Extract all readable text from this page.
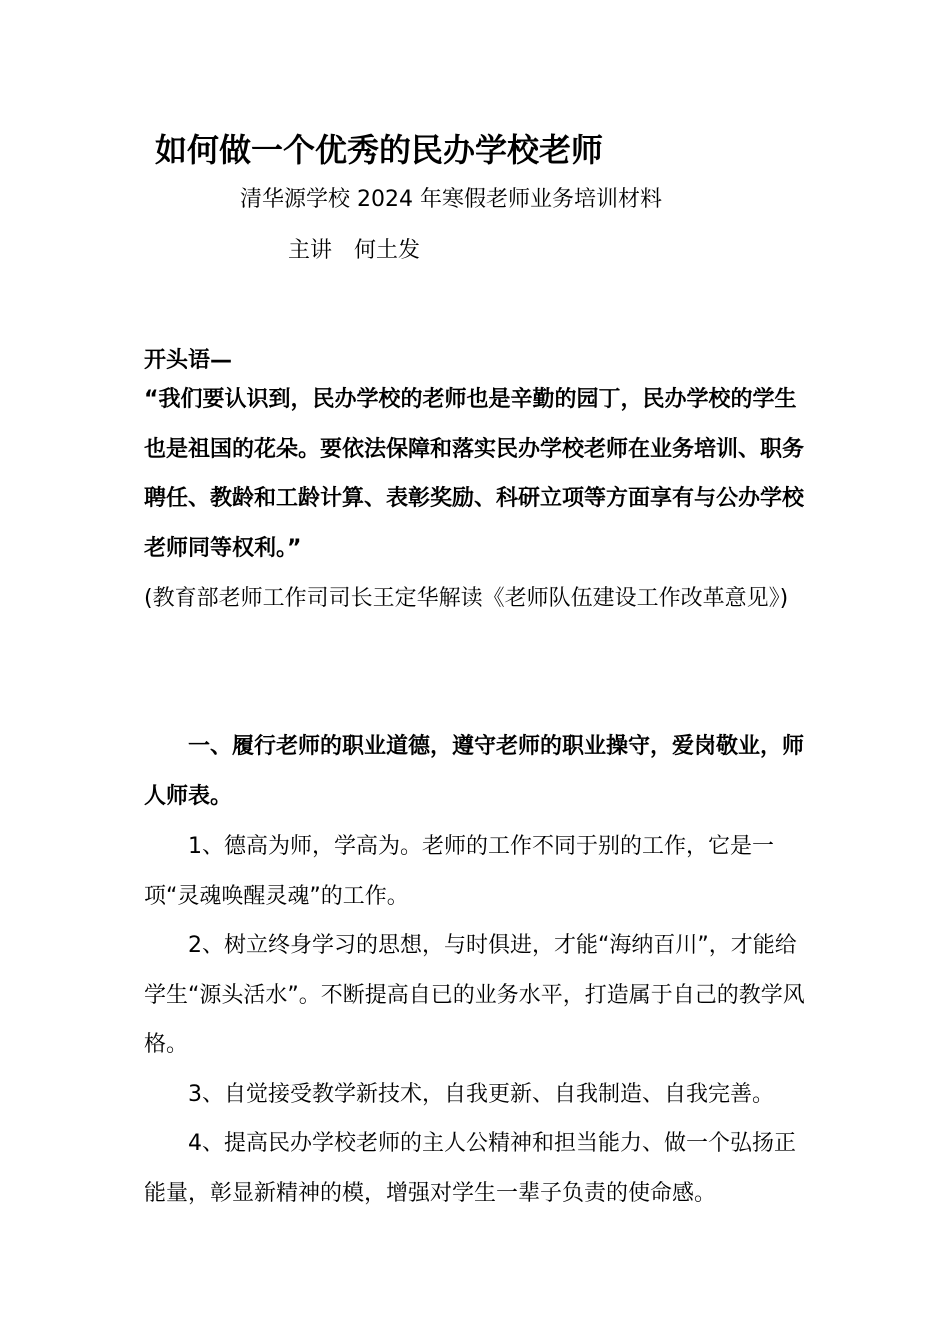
如何做一个优秀的民办学校老师
清华源学校 2024 年寒假老师业务培训材料
主讲 何土发
开头语—
“我们要认识到，民办学校的老师也是辛勤的园丁，民办学校的学生也是祖国的花朵。要依法保障和落实民办学校老师在业务培训、职务聘任、教龄和工龄计算、表彰奖励、科研立项等方面享有与公办学校老师同等权利。”
(教育部老师工作司司长王定华解读《老师队伍建设工作改革意见》)
一、履行老师的职业道德，遵守老师的职业操守，爱岗敬业，师人师表。

1、德高为师，学高为。老师的工作不同于别的工作，它是一项“灵魂唤醒灵魂”的工作。

2、树立终身学习的思想，与时俱进，才能“海纳百川”，才能给学生“源头活水”。不断提高自已的业务水平，打造属于自己的教学风格。

3、自觉接受教学新技术，自我更新、自我制造、自我完善。

4、提高民办学校老师的主人公精神和担当能力、做一个弘扬正能量，彰显新精神的模，增强对学生一辈子负责的使命感。
